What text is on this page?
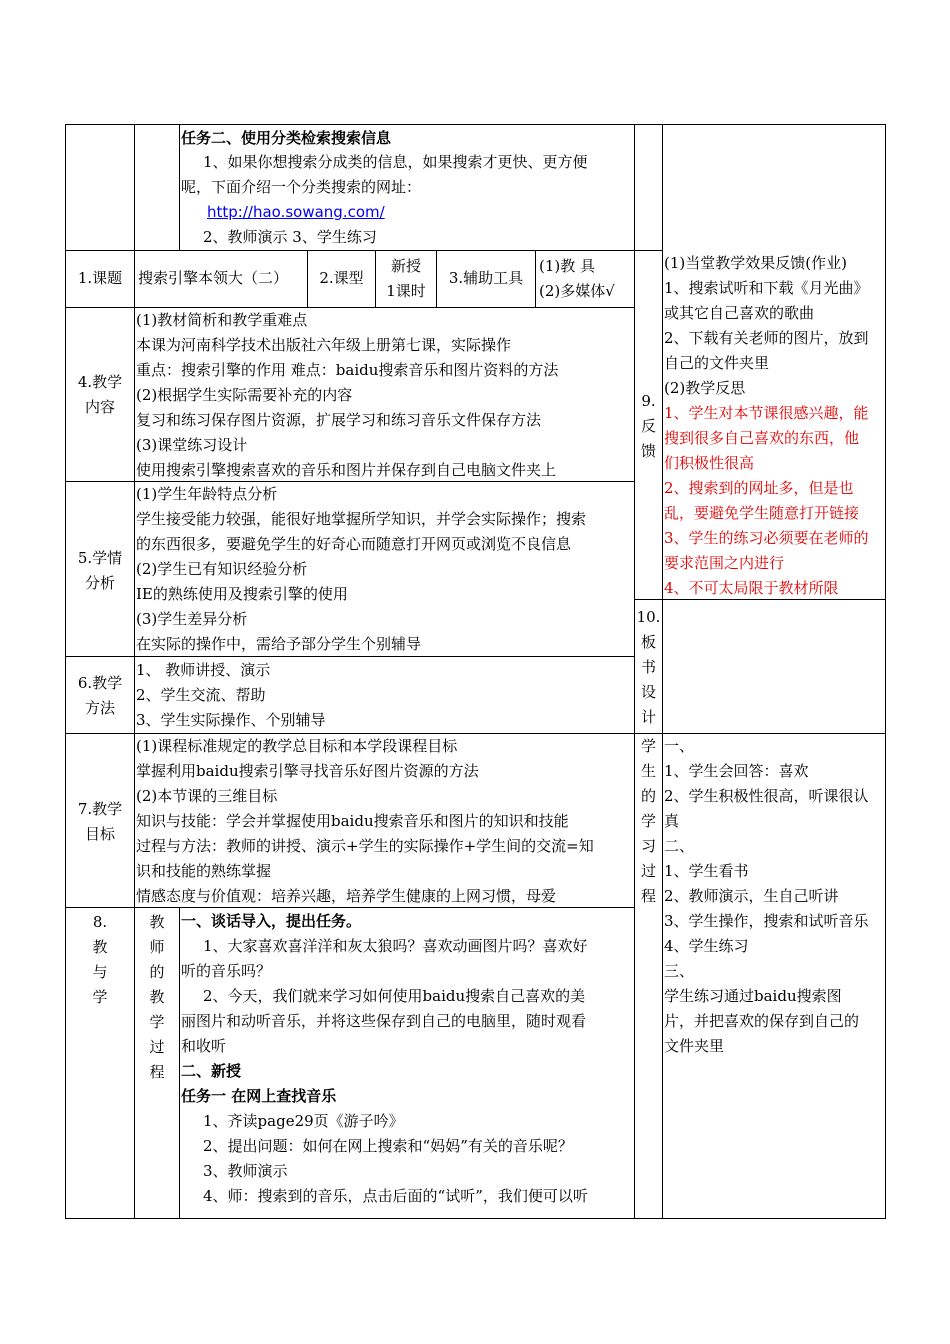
任务二、使用分类检索搜索信息
1、如果你想搜索分成类的信息，如果搜索才更快、更方便
呢，下面介绍一个分类搜索的网址：
http://hao.sowang.com/
2、教师演示 3、学生练习
1.课题	搜索引擎本领大（二）	2.课型
新授
1课时
3.辅助工具
(1)教 具
(2)多媒体√
4.教学
内容
(1)教材简析和教学重难点
本课为河南科学技术出版社六年级上册第七课，实际操作
重点：搜索引擎的作用 难点：baidu搜索音乐和图片资料的方法
(2)根据学生实际需要补充的内容
复习和练习保存图片资源，扩展学习和练习音乐文件保存方法
(3)课堂练习设计
使用搜索引擎搜索喜欢的音乐和图片并保存到自己电脑文件夹上
5.学情
分析
(1)学生年龄特点分析
学生接受能力较强，能很好地掌握所学知识，并学会实际操作；搜索
的东西很多，要避免学生的好奇心而随意打开网页或浏览不良信息
(2)学生已有知识经验分析
IE的熟练使用及搜索引擎的使用
(3)学生差异分析
在实际的操作中，需给予部分学生个别辅导
6.教学
方法
1、 教师讲授、演示
2、学生交流、帮助
3、学生实际操作、个别辅导
7.教学
目标
(1)课程标准规定的教学总目标和本学段课程目标
掌握利用baidu搜索引擎寻找音乐好图片资源的方法
(2)本节课的三维目标
知识与技能：学会并掌握使用baidu搜索音乐和图片的知识和技能
过程与方法：教师的讲授、演示+学生的实际操作+学生间的交流=知
识和技能的熟练掌握
情感态度与价值观：培养兴趣，培养学生健康的上网习惯，母爱
8.
教
与
学
教
师
的
教
学
过
程
一、谈话导入，提出任务。
1、大家喜欢喜洋洋和灰太狼吗？喜欢动画图片吗？喜欢好
听的音乐吗？
2、今天，我们就来学习如何使用baidu搜索自己喜欢的美
丽图片和动听音乐，并将这些保存到自己的电脑里，随时观看
和收听
二、新授
任务一 在网上查找音乐
1、齐读page29页《游子吟》
2、提出问题：如何在网上搜索和“妈妈”有关的音乐呢？
3、教师演示
4、师：搜索到的音乐，点击后面的“试听”，我们便可以听
9.
反
馈
(1)当堂教学效果反馈(作业)
1、搜索试听和下载《月光曲》
或其它自己喜欢的歌曲
2、下载有关老师的图片，放到
自己的文件夹里
(2)教学反思
1、学生对本节课很感兴趣，能
搜到很多自己喜欢的东西，他
们积极性很高
2、搜索到的网址多，但是也
乱，要避免学生随意打开链接
3、学生的练习必须要在老师的
要求范围之内进行
4、不可太局限于教材所限
10.
板
书
设
计
学
生
的
学
习
过
程
一、
1、学生会回答：喜欢
2、学生积极性很高，听课很认
真
二、
1、学生看书
2、教师演示，生自己听讲
3、学生操作，搜索和试听音乐
4、学生练习
三、
学生练习通过baidu搜索图
片，并把喜欢的保存到自己的
文件夹里
